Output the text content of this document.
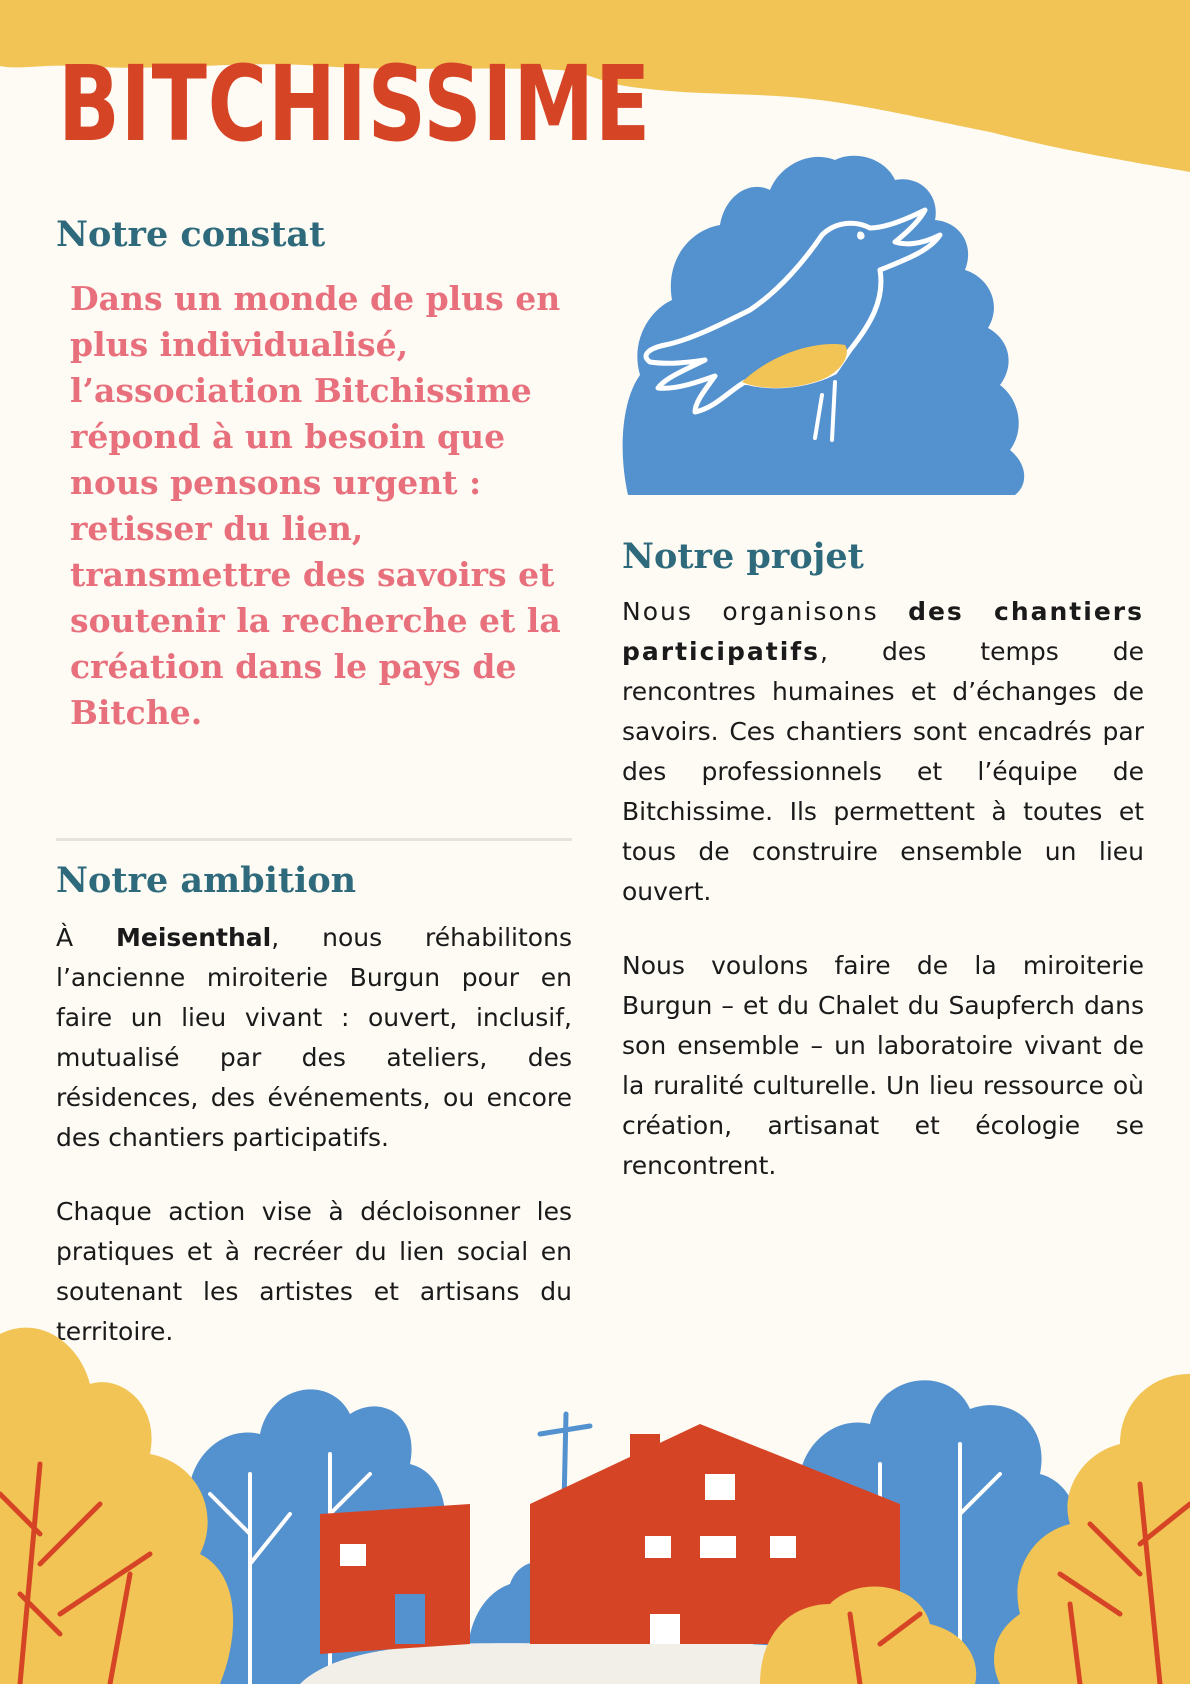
BITCHISSIME
Notre constat

Dans un monde de plus en plus individualisé, l’association Bitchissime répond à un besoin que nous pensons urgent : retisser du lien, transmettre des savoirs et soutenir la recherche et la création dans le pays de Bitche.

Notre ambition

À Meisenthal, nous réhabilitons l’ancienne miroiterie Burgun pour en faire un lieu vivant : ouvert, inclusif, mutualisé par des ateliers, des résidences, des événements, ou encore des chantiers participatifs.

Chaque action vise à décloisonner les pratiques et à recréer du lien social en soutenant les artistes et artisans du territoire.

Notre projet

Nous organisons des chantiers participatifs, des temps de rencontres humaines et d’échanges de savoirs. Ces chantiers sont encadrés par des professionnels et l’équipe de Bitchissime. Ils permettent à toutes et tous de construire ensemble un lieu ouvert.

Nous voulons faire de la miroiterie Burgun – et du Chalet du Saupferch dans son ensemble – un laboratoire vivant de la ruralité culturelle. Un lieu ressource où création, artisanat et écologie se rencontrent.
